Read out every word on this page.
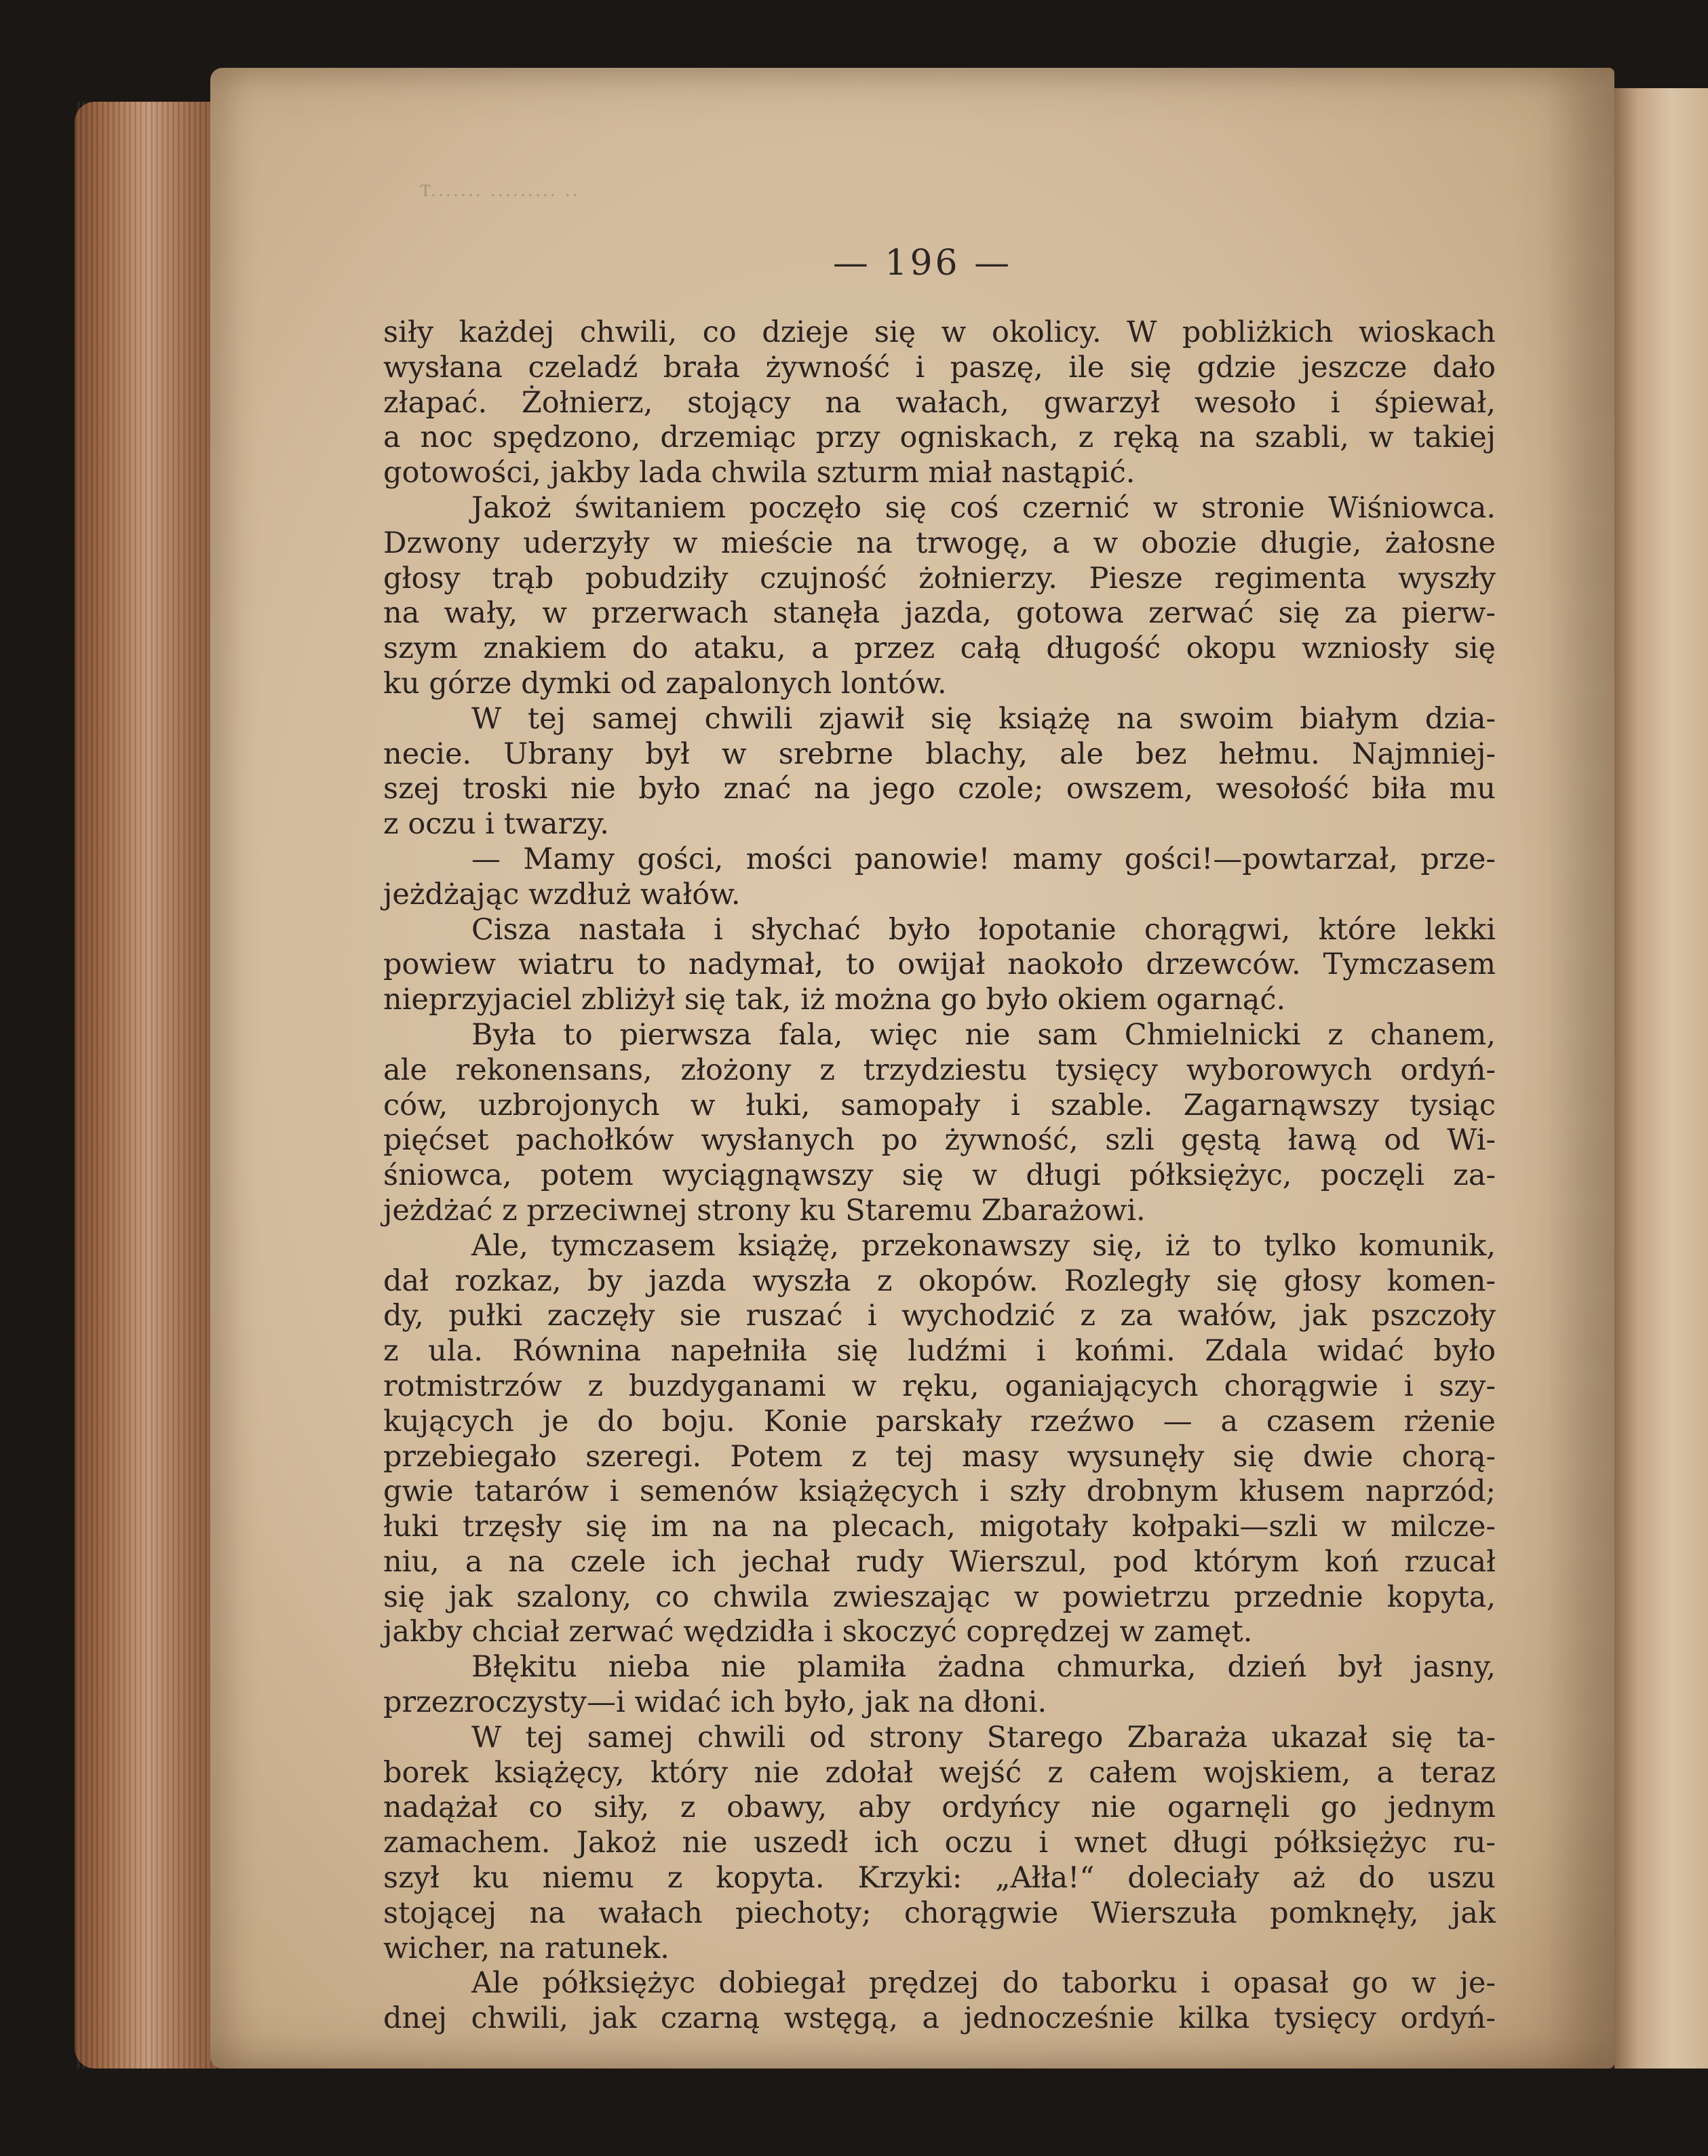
T....... ......... ..
— 196 —
siły każdej chwili, co dzieje się w okolicy. W pobliżkich wioskach
wysłana czeladź brała żywność i paszę, ile się gdzie jeszcze dało
złapać. Żołnierz, stojący na wałach, gwarzył wesoło i śpiewał,
a noc spędzono, drzemiąc przy ogniskach, z ręką na szabli, w takiej
gotowości, jakby lada chwila szturm miał nastąpić.
Jakoż świtaniem poczęło się coś czernić w stronie Wiśniowca.
Dzwony uderzyły w mieście na trwogę, a w obozie długie, żałosne
głosy trąb pobudziły czujność żołnierzy. Piesze regimenta wyszły
na wały, w przerwach stanęła jazda, gotowa zerwać się za pierw-
szym znakiem do ataku, a przez całą długość okopu wzniosły się
ku górze dymki od zapalonych lontów.
W tej samej chwili zjawił się książę na swoim białym dzia-
necie. Ubrany był w srebrne blachy, ale bez hełmu. Najmniej-
szej troski nie było znać na jego czole; owszem, wesołość biła mu
z oczu i twarzy.
— Mamy gości, mości panowie! mamy gości!—powtarzał, prze-
jeżdżając wzdłuż wałów.
Cisza nastała i słychać było łopotanie chorągwi, które lekki
powiew wiatru to nadymał, to owijał naokoło drzewców. Tymczasem
nieprzyjaciel zbliżył się tak, iż można go było okiem ogarnąć.
Była to pierwsza fala, więc nie sam Chmielnicki z chanem,
ale rekonensans, złożony z trzydziestu tysięcy wyborowych ordyń-
ców, uzbrojonych w łuki, samopały i szable. Zagarnąwszy tysiąc
pięćset pachołków wysłanych po żywność, szli gęstą ławą od Wi-
śniowca, potem wyciągnąwszy się w długi półksiężyc, poczęli za-
jeżdżać z przeciwnej strony ku Staremu Zbarażowi.
Ale, tymczasem książę, przekonawszy się, iż to tylko komunik,
dał rozkaz, by jazda wyszła z okopów. Rozległy się głosy komen-
dy, pułki zaczęły sie ruszać i wychodzić z za wałów, jak pszczoły
z ula. Równina napełniła się ludźmi i końmi. Zdala widać było
rotmistrzów z buzdyganami w ręku, oganiających chorągwie i szy-
kujących je do boju. Konie parskały rzeźwo — a czasem rżenie
przebiegało szeregi. Potem z tej masy wysunęły się dwie chorą-
gwie tatarów i semenów książęcych i szły drobnym kłusem naprzód;
łuki trzęsły się im na na plecach, migotały kołpaki—szli w milcze-
niu, a na czele ich jechał rudy Wierszul, pod którym koń rzucał
się jak szalony, co chwila zwieszając w powietrzu przednie kopyta,
jakby chciał zerwać wędzidła i skoczyć coprędzej w zamęt.
Błękitu nieba nie plamiła żadna chmurka, dzień był jasny,
przezroczysty—i widać ich było, jak na dłoni.
W tej samej chwili od strony Starego Zbaraża ukazał się ta-
borek książęcy, który nie zdołał wejść z całem wojskiem, a teraz
nadążał co siły, z obawy, aby ordyńcy nie ogarnęli go jednym
zamachem. Jakoż nie uszedł ich oczu i wnet długi półksiężyc ru-
szył ku niemu z kopyta. Krzyki: „Ałła!“ doleciały aż do uszu
stojącej na wałach piechoty; chorągwie Wierszuła pomknęły, jak
wicher, na ratunek.
Ale półksiężyc dobiegał prędzej do taborku i opasał go w je-
dnej chwili, jak czarną wstęgą, a jednocześnie kilka tysięcy ordyń-
